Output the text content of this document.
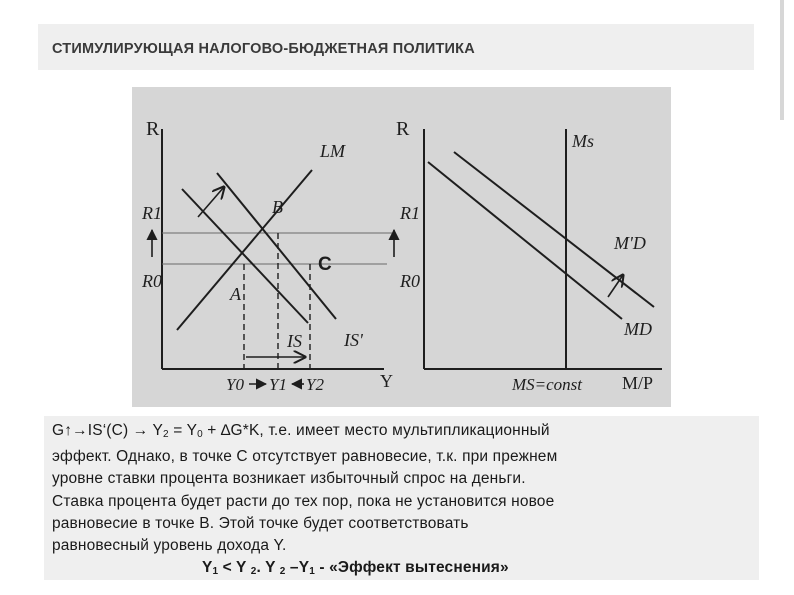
СТИМУЛИРУЮЩАЯ НАЛОГОВО-БЮДЖЕТНАЯ ПОЛИТИКА
R
Y
LM
IS IS'
B
A
C
R1
R0
Y0 Y1 Y2
R
M/P
Ms
M'D
MD
R1
R0
MS=const

G↑→IS‘(C) → $Y_2 = Y_0 + \Delta G*K$, т.е. имеет место мультипликационный

эффект. Однако, в точке C отсутствует равновесие, т.к. при прежнем

уровне ставки процента возникает избыточный спрос на деньги.

Ставка процента будет расти до тех пор, пока не установится новое

равновесие в точке B. Этой точке будет соответствовать

равновесный уровень дохода Y.

$Y_1 < Y$ $_2$. Y $_2$ $-Y_1$ - «Эффект вытеснения»
